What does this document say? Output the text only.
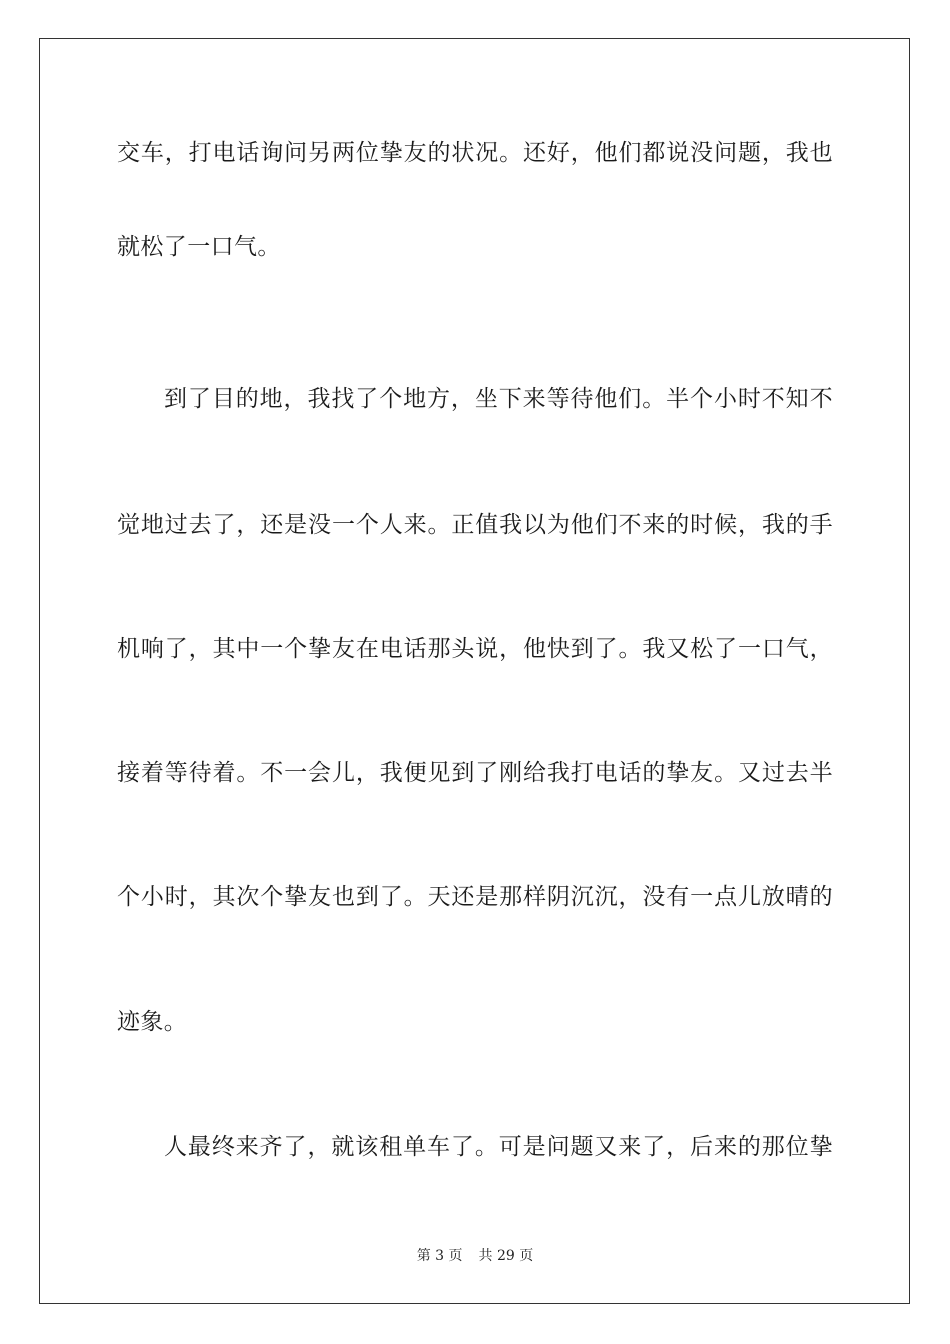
交车，打电话询问另两位挚友的状况。还好，他们都说没问题，我也
就松了一口气。
到了目的地，我找了个地方，坐下来等待他们。半个小时不知不
觉地过去了，还是没一个人来。正值我以为他们不来的时候，我的手
机响了，其中一个挚友在电话那头说，他快到了。我又松了一口气，
接着等待着。不一会儿，我便见到了刚给我打电话的挚友。又过去半
个小时，其次个挚友也到了。天还是那样阴沉沉，没有一点儿放晴的
迹象。
人最终来齐了，就该租单车了。可是问题又来了，后来的那位挚
第 3 页 共 29 页
